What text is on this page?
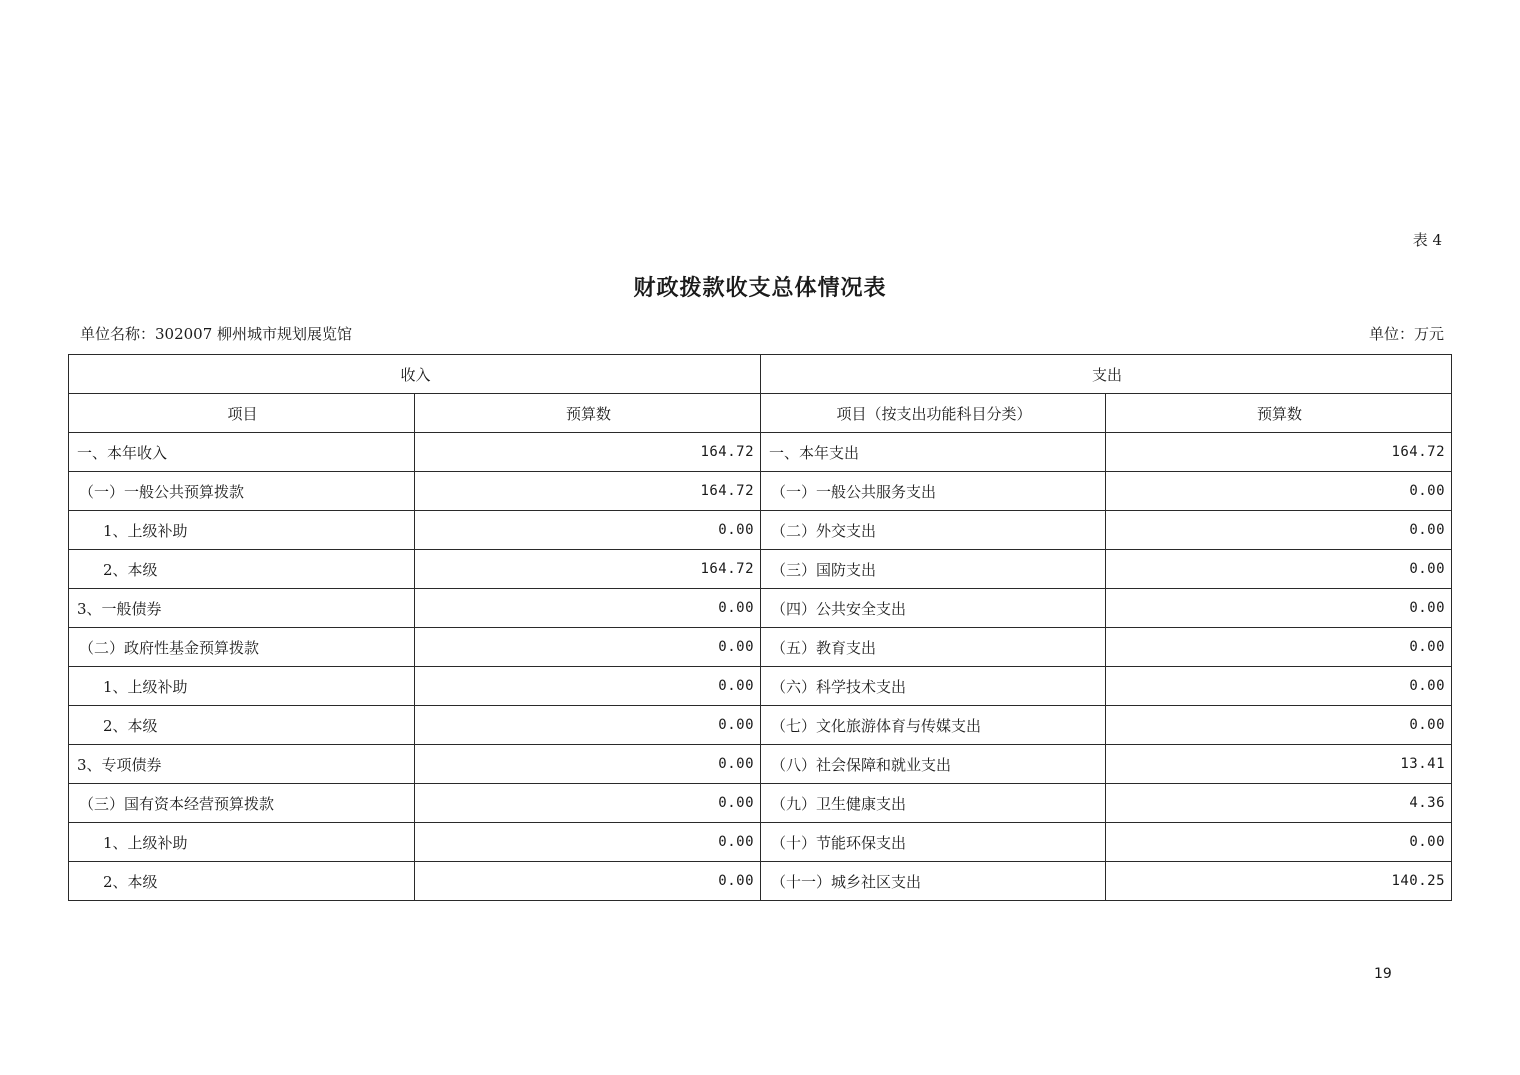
表 4
财政拨款收支总体情况表
单位名称：302007 柳州城市规划展览馆	单位：万元
收入		支出	
项目	预算数	项目（按支出功能科目分类）	预算数
一、本年收入	164.72	一、本年支出	164.72
（一）一般公共预算拨款	164.72	（一）一般公共服务支出	0.00
1、上级补助	0.00	（二）外交支出	0.00
2、本级	164.72	（三）国防支出	0.00
3、一般债券	0.00	（四）公共安全支出	0.00
（二）政府性基金预算拨款	0.00	（五）教育支出	0.00
1、上级补助	0.00	（六）科学技术支出	0.00
2、本级	0.00	（七）文化旅游体育与传媒支出	0.00
3、专项债券	0.00	（八）社会保障和就业支出	13.41
（三）国有资本经营预算拨款	0.00	（九）卫生健康支出	4.36
1、上级补助	0.00	（十）节能环保支出	0.00
2、本级	0.00	（十一）城乡社区支出	140.25
19
